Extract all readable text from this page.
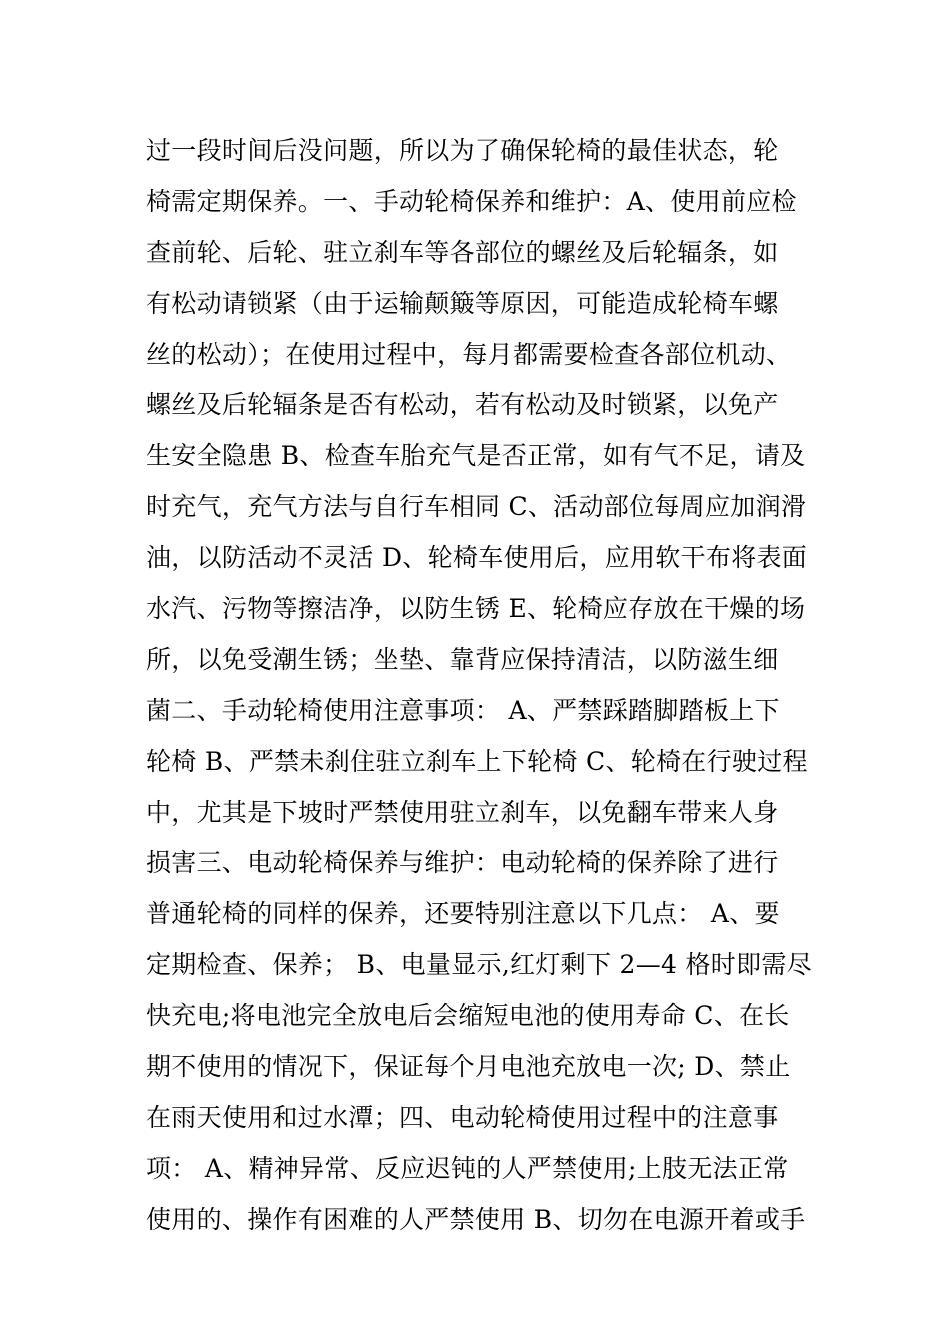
过一段时间后没问题，所以为了确保轮椅的最佳状态，轮
椅需定期保养。一、手动轮椅保养和维护：A、使用前应检
查前轮、后轮、驻立刹车等各部位的螺丝及后轮辐条，如
有松动请锁紧（由于运输颠簸等原因，可能造成轮椅车螺
丝的松动）；在使用过程中，每月都需要检查各部位机动、
螺丝及后轮辐条是否有松动，若有松动及时锁紧，以免产
生安全隐患 B、检查车胎充气是否正常，如有气不足，请及
时充气，充气方法与自行车相同 C、活动部位每周应加润滑
油，以防活动不灵活 D、轮椅车使用后，应用软干布将表面
水汽、污物等擦洁净，以防生锈 E、轮椅应存放在干燥的场
所，以免受潮生锈；坐垫、靠背应保持清洁，以防滋生细
菌二、手动轮椅使用注意事项： A、严禁踩踏脚踏板上下
轮椅 B、严禁未刹住驻立刹车上下轮椅 C、轮椅在行驶过程
中，尤其是下坡时严禁使用驻立刹车，以免翻车带来人身
损害三、电动轮椅保养与维护：电动轮椅的保养除了进行
普通轮椅的同样的保养，还要特别注意以下几点： A、要
定期检查、保养； B、电量显示,红灯剩下 2—4 格时即需尽
快充电;将电池完全放电后会缩短电池的使用寿命 C、在长
期不使用的情况下，保证每个月电池充放电一次; D、禁止
在雨天使用和过水潭；四、电动轮椅使用过程中的注意事
项： A、精神异常、反应迟钝的人严禁使用;上肢无法正常
使用的、操作有困难的人严禁使用 B、切勿在电源开着或手
